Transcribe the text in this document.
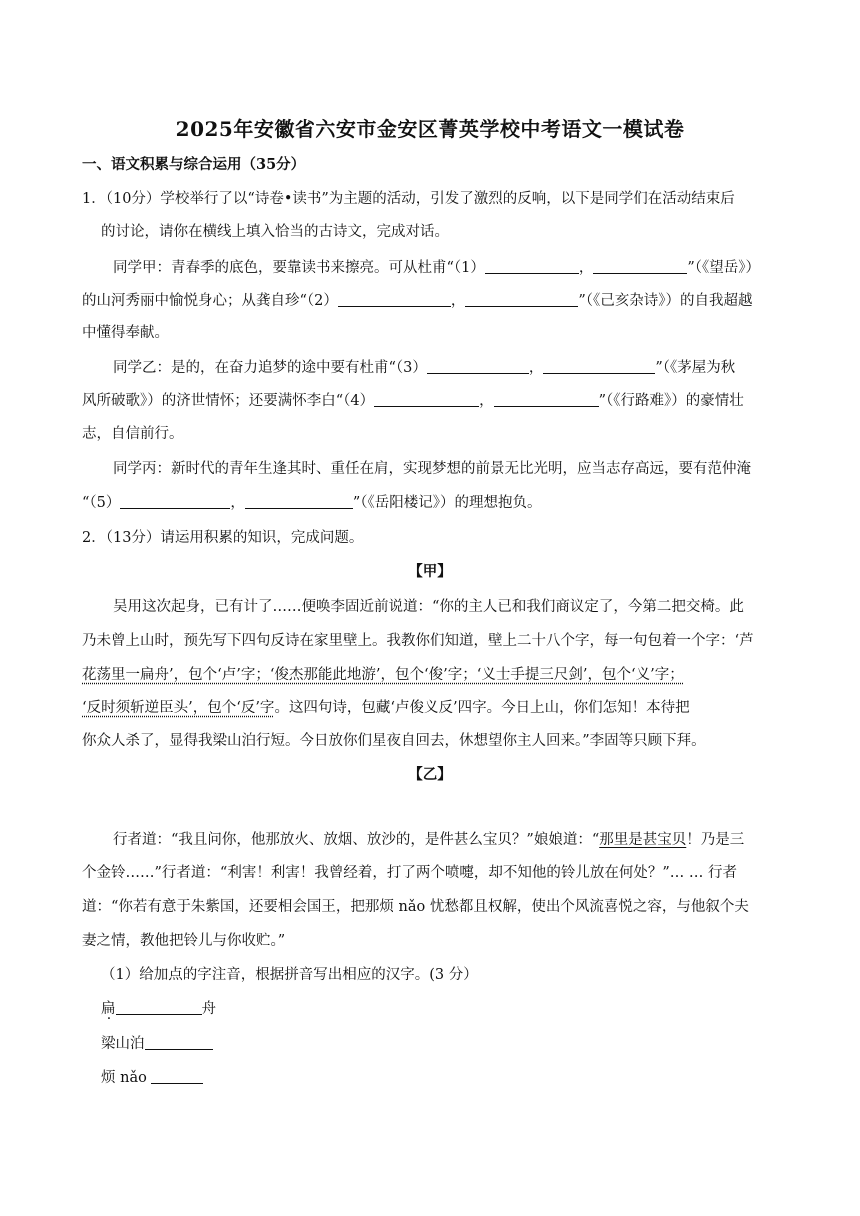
2025年安徽省六安市金安区菁英学校中考语文一模试卷
一、语文积累与综合运用（35分）
1．（10分）学校举行了以“诗卷•读书”为主题的活动，引发了激烈的反响，以下是同学们在活动结束后
的讨论，请你在横线上填入恰当的古诗文，完成对话。
同学甲：青春季的底色，要靠读书来擦亮。可从杜甫“（1）	，	”（《望岳》）
的山河秀丽中愉悦身心；从龚自珍“（2）	，	”（《己亥杂诗》）的自我超越
中懂得奉献。
同学乙：是的，在奋力追梦的途中要有杜甫“（3）	，	”（《茅屋为秋
风所破歌》）的济世情怀；还要满怀李白“（4）	，	”（《行路难》）的豪情壮
志，自信前行。
同学丙：新时代的青年生逢其时、重任在肩，实现梦想的前景无比光明，应当志存高远，要有范仲淹
“（5）	，	”（《岳阳楼记》）的理想抱负。
2．（13分）请运用积累的知识，完成问题。
【甲】
吴用这次起身，已有计了……便唤李固近前说道：“你的主人已和我们商议定了，今第二把交椅。此
乃未曾上山时，预先写下四句反诗在家里壁上。我教你们知道，壁上二十八个字，每一句包着一个字：‘芦
花荡里一扁舟’，包个‘卢’字；‘俊杰那能此地游’，包个‘俊’字；‘义士手提三尺剑’，包个‘义’字；
‘反时须斩逆臣头’，包个‘反’字。这四句诗，包藏‘卢俊义反’四字。今日上山，你们怎知！本待把
你众人杀了，显得我梁山泊行短。今日放你们星夜自回去，休想望你主人回来。”李固等只顾下拜。
【乙】
行者道：“我且问你，他那放火、放烟、放沙的，是件甚么宝贝？”娘娘道：“那里是甚宝贝！乃是三
个金铃……”行者道：“利害！利害！我曾经着，打了两个喷嚏，却不知他的铃儿放在何处？”… … 行者
道：“你若有意于朱紫国，还要相会国王，把那烦 nǎo 忧愁都且权解，使出个风流喜悦之容，与他叙个夫
妻之情，教他把铃儿与你收贮。”
（1）给加点的字注音，根据拼音写出相应的汉字。(3 分）
扁	舟
梁山泊
烦 nǎo
